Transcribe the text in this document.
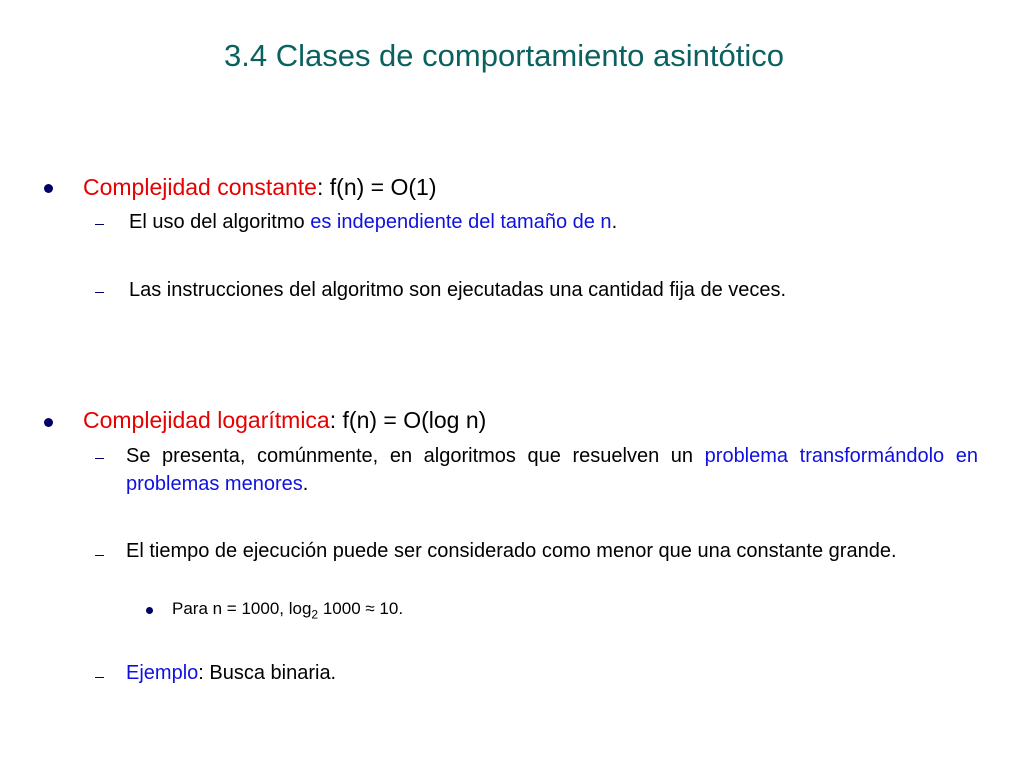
3.4 Clases de comportamiento asintótico
Complejidad constante: f(n) = O(1)
El uso del algoritmo es independiente del tamaño de n.
Las instrucciones del algoritmo son ejecutadas una cantidad fija de veces.
Complejidad logarítmica: f(n) = O(log n)
Se presenta, comúnmente, en algoritmos que resuelven un problema transformándolo en problemas menores.
El tiempo de ejecución puede ser considerado como menor que una constante grande.
Para n = 1000, $\log_2 1000 \approx 10$.
Ejemplo: Busca binaria.
